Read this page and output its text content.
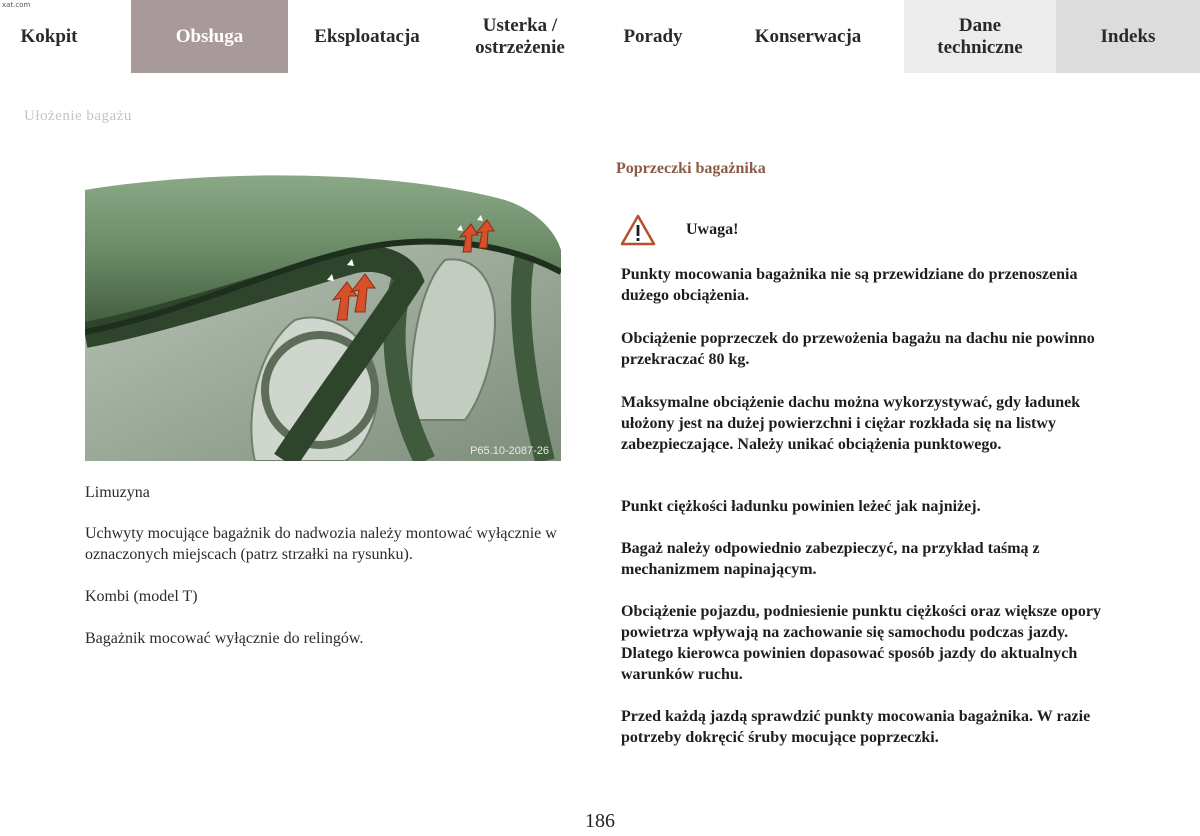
xat.com
Kokpit	Obsługa	Eksploatacja
Usterka /
ostrzeżenie
Porady	Konserwacja
Dane
techniczne
Indeks
Ułożenie bagażu
P65.10-2087-26
Limuzyna
Uchwyty mocujące bagażnik do nadwozia należy montować wyłącznie w oznaczonych miejscach (patrz strzałki na rysunku).
Kombi (model T)
Bagażnik mocować wyłącznie do relingów.
Poprzeczki bagażnika
Uwaga!
Punkty mocowania bagażnika nie są przewidziane do przenoszenia dużego obciążenia.
Obciążenie poprzeczek do przewożenia bagażu na dachu nie powinno przekraczać 80 kg.
Maksymalne obciążenie dachu można wykorzystywać, gdy ładunek ułożony jest na dużej powierzchni i ciężar rozkłada się na listwy zabezpieczające. Należy unikać obciążenia punktowego.
Punkt ciężkości ładunku powinien leżeć jak najniżej.
Bagaż należy odpowiednio zabezpieczyć, na przykład taśmą z mechanizmem napinającym.
Obciążenie pojazdu, podniesienie punktu ciężkości oraz większe opory powietrza wpływają na zachowanie się samochodu podczas jazdy. Dlatego kierowca powinien dopasować sposób jazdy do aktualnych warunków ruchu.
Przed każdą jazdą sprawdzić punkty mocowania bagażnika. W razie potrzeby dokręcić śruby mocujące poprzeczki.
186
